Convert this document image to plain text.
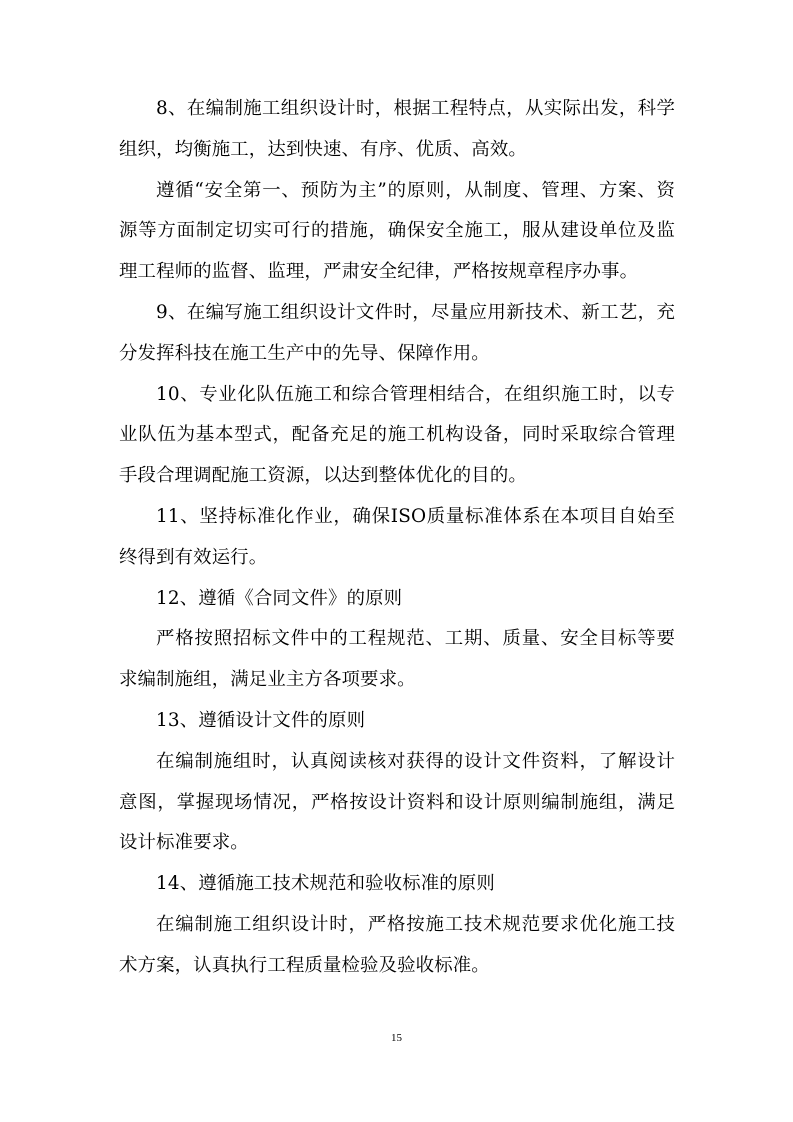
8、在编制施工组织设计时，根据工程特点，从实际出发，科学组织，均衡施工，达到快速、有序、优质、高效。

遵循“安全第一、预防为主”的原则，从制度、管理、方案、资源等方面制定切实可行的措施，确保安全施工，服从建设单位及监理工程师的监督、监理，严肃安全纪律，严格按规章程序办事。

9、在编写施工组织设计文件时，尽量应用新技术、新工艺，充分发挥科技在施工生产中的先导、保障作用。

10、专业化队伍施工和综合管理相结合，在组织施工时，以专业队伍为基本型式，配备充足的施工机构设备，同时采取综合管理手段合理调配施工资源，以达到整体优化的目的。

11、坚持标准化作业，确保ISO质量标准体系在本项目自始至终得到有效运行。

12、遵循《合同文件》的原则

严格按照招标文件中的工程规范、工期、质量、安全目标等要求编制施组，满足业主方各项要求。

13、遵循设计文件的原则

在编制施组时，认真阅读核对获得的设计文件资料，了解设计意图，掌握现场情况，严格按设计资料和设计原则编制施组，满足设计标准要求。

14、遵循施工技术规范和验收标准的原则

在编制施工组织设计时，严格按施工技术规范要求优化施工技术方案，认真执行工程质量检验及验收标准。

15
